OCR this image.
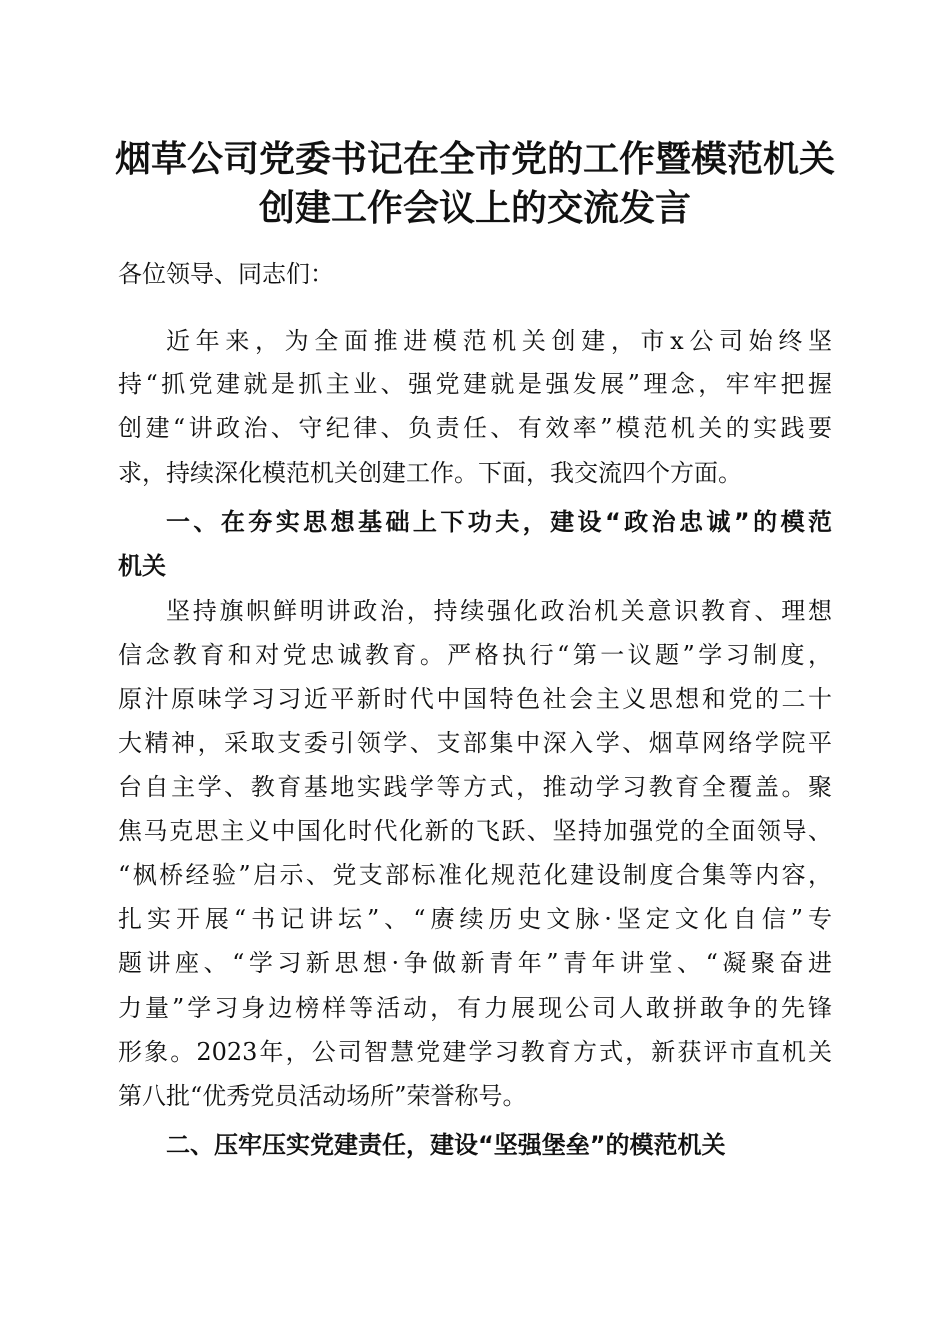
烟草公司党委书记在全市党的工作暨模范机关
创建工作会议上的交流发言
各位领导、同志们：
近年来，为全面推进模范机关创建，市x公司始终坚
持“抓党建就是抓主业、强党建就是强发展”理念，牢牢把握
创建“讲政治、守纪律、负责任、有效率”模范机关的实践要
求，持续深化模范机关创建工作。下面，我交流四个方面。
一、在夯实思想基础上下功夫，建设“政治忠诚”的模范
机关
坚持旗帜鲜明讲政治，持续强化政治机关意识教育、理想
信念教育和对党忠诚教育。严格执行“第一议题”学习制度，
原汁原味学习习近平新时代中国特色社会主义思想和党的二十
大精神，采取支委引领学、支部集中深入学、烟草网络学院平
台自主学、教育基地实践学等方式，推动学习教育全覆盖。聚
焦马克思主义中国化时代化新的飞跃、坚持加强党的全面领导、
“枫桥经验”启示、党支部标准化规范化建设制度合集等内容，
扎实开展“书记讲坛”、“赓续历史文脉·坚定文化自信”专
题讲座、“学习新思想·争做新青年”青年讲堂、“凝聚奋进
力量”学习身边榜样等活动，有力展现公司人敢拼敢争的先锋
形象。2023年，公司智慧党建学习教育方式，新获评市直机关
第八批“优秀党员活动场所”荣誉称号。
二、压牢压实党建责任，建设“坚强堡垒”的模范机关
